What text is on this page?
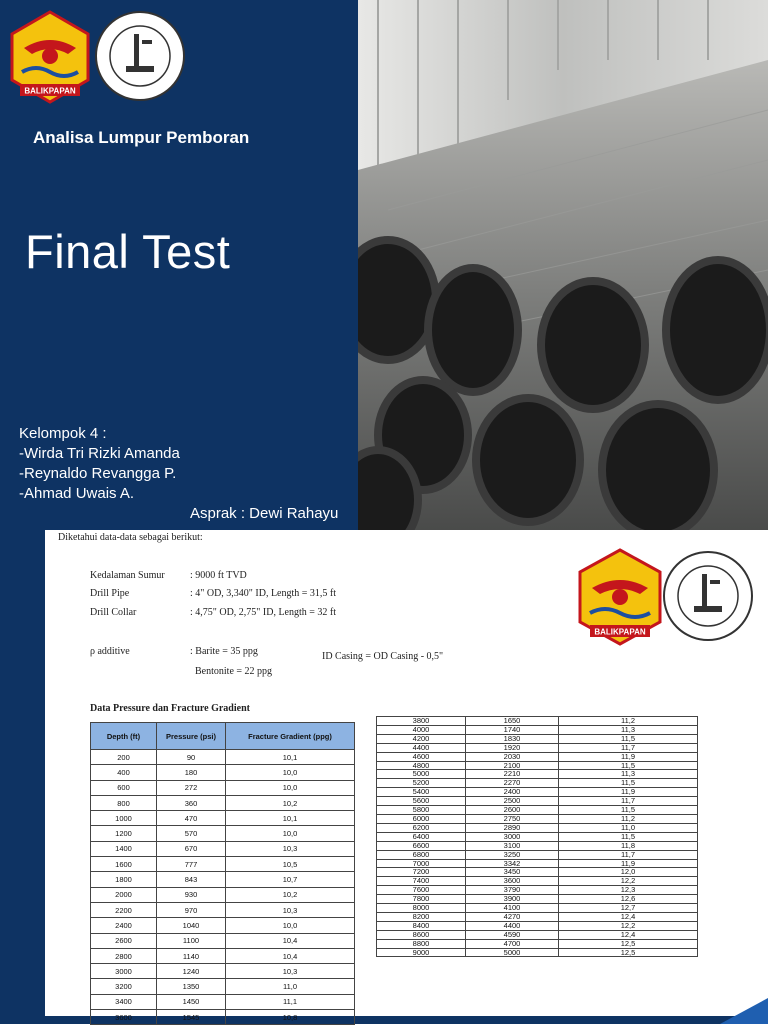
BALIKPAPAN
Analisa Lumpur Pemboran
Final Test
Kelompok 4 :
-Wirda Tri Rizki Amanda
-Reynaldo Revangga P.
-Ahmad Uwais A.
Asprak : Dewi Rahayu
Diketahui data-data sebagai berikut:
Kedalaman Sumur	: 9000 ft TVD
Drill Pipe	: 4" OD, 3,340" ID, Length = 31,5 ft
Drill Collar	: 4,75" OD, 2,75" ID, Length = 32 ft
ρ additive	: Barite = 35 ppg
Bentonite = 22 ppg
ID Casing = OD Casing - 0,5"
Data Pressure dan Fracture Gradient
BALIKPAPAN
Depth (ft)	Pressure (psi)	Fracture Gradient (ppg)
200	90	10,1
400	180	10,0
600	272	10,0
800	360	10,2
1000	470	10,1
1200	570	10,0
1400	670	10,3
1600	777	10,5
1800	843	10,7
2000	930	10,2
2200	970	10,3
2400	1040	10,0
2600	1100	10,4
2800	1140	10,4
3000	1240	10,3
3200	1350	11,0
3400	1450	11,1
3600	1545	10,8
3800	1650	11,2
4000	1740	11,3
4200	1830	11,5
4400	1920	11,7
4600	2030	11,9
4800	2100	11,5
5000	2210	11,3
5200	2270	11,5
5400	2400	11,9
5600	2500	11,7
5800	2600	11,5
6000	2750	11,2
6200	2890	11,0
6400	3000	11,5
6600	3100	11,8
6800	3250	11,7
7000	3342	11,9
7200	3450	12,0
7400	3600	12,2
7600	3790	12,3
7800	3900	12,6
8000	4100	12,7
8200	4270	12,4
8400	4400	12,2
8600	4590	12,4
8800	4700	12,5
9000	5000	12,5
